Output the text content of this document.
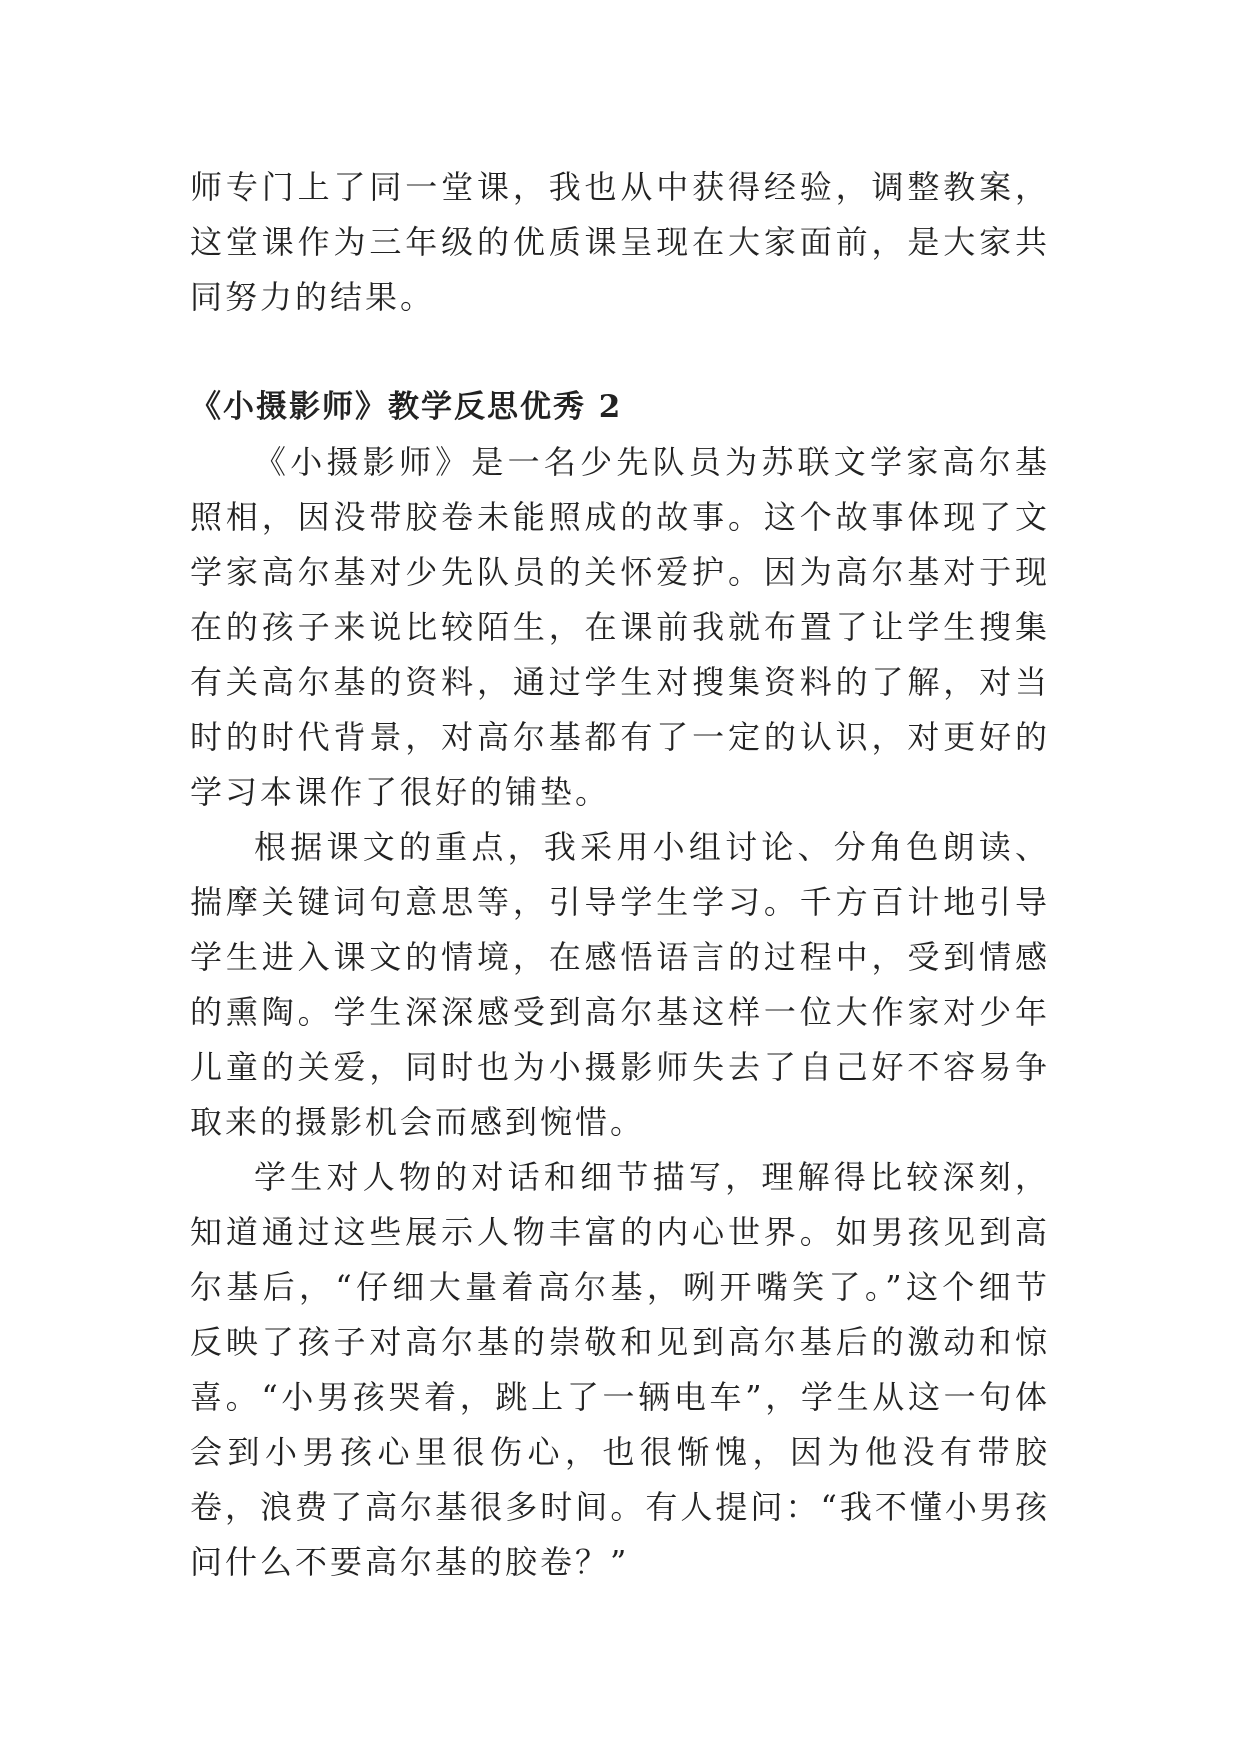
师专门上了同一堂课，我也从中获得经验，调整教案，这堂课作为三年级的优质课呈现在大家面前，是大家共同努力的结果。

《小摄影师》教学反思优秀 2

《小摄影师》是一名少先队员为苏联文学家高尔基照相，因没带胶卷未能照成的故事。这个故事体现了文学家高尔基对少先队员的关怀爱护。因为高尔基对于现在的孩子来说比较陌生，在课前我就布置了让学生搜集有关高尔基的资料，通过学生对搜集资料的了解，对当时的时代背景，对高尔基都有了一定的认识，对更好的学习本课作了很好的铺垫。

根据课文的重点，我采用小组讨论、分角色朗读、揣摩关键词句意思等，引导学生学习。千方百计地引导学生进入课文的情境，在感悟语言的过程中，受到情感的熏陶。学生深深感受到高尔基这样一位大作家对少年儿童的关爱，同时也为小摄影师失去了自己好不容易争取来的摄影机会而感到惋惜。

学生对人物的对话和细节描写，理解得比较深刻，知道通过这些展示人物丰富的内心世界。如男孩见到高尔基后，“仔细大量着高尔基，咧开嘴笑了。”这个细节反映了孩子对高尔基的崇敬和见到高尔基后的激动和惊喜。“小男孩哭着，跳上了一辆电车”，学生从这一句体会到小男孩心里很伤心，也很惭愧，因为他没有带胶卷，浪费了高尔基很多时间。有人提问：“我不懂小男孩问什么不要高尔基的胶卷？”
